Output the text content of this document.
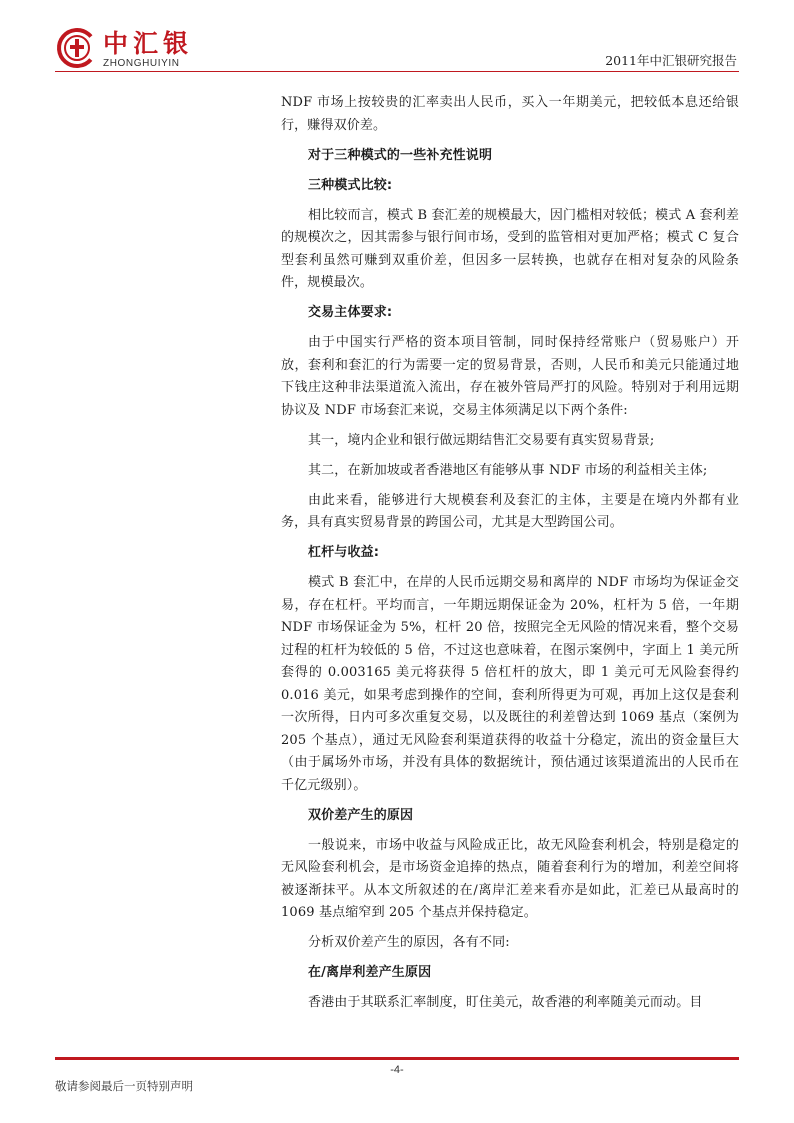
中汇银
ZHONGHUIYIN	2011年中汇银研究报告

NDF 市场上按较贵的汇率卖出人民币，买入一年期美元，把较低本息还给银行，赚得双价差。

对于三种模式的一些补充性说明
三种模式比较:

相比较而言，模式 B 套汇差的规模最大，因门槛相对较低；模式 A 套利差的规模次之，因其需参与银行间市场，受到的监管相对更加严格；模式 C 复合型套利虽然可赚到双重价差，但因多一层转换，也就存在相对复杂的风险条件，规模最次。

交易主体要求:

由于中国实行严格的资本项目管制，同时保持经常账户（贸易账户）开放，套利和套汇的行为需要一定的贸易背景，否则，人民币和美元只能通过地下钱庄这种非法渠道流入流出，存在被外管局严打的风险。特别对于利用远期协议及 NDF 市场套汇来说，交易主体须满足以下两个条件:

其一，境内企业和银行做远期结售汇交易要有真实贸易背景;

其二，在新加坡或者香港地区有能够从事 NDF 市场的利益相关主体;

由此来看，能够进行大规模套利及套汇的主体，主要是在境内外都有业务，具有真实贸易背景的跨国公司，尤其是大型跨国公司。

杠杆与收益:

模式 B 套汇中，在岸的人民币远期交易和离岸的 NDF 市场均为保证金交易，存在杠杆。平均而言，一年期远期保证金为 20%，杠杆为 5 倍，一年期 NDF 市场保证金为 5%，杠杆 20 倍，按照完全无风险的情况来看，整个交易过程的杠杆为较低的 5 倍，不过这也意味着，在图示案例中，字面上 1 美元所套得的 0.003165 美元将获得 5 倍杠杆的放大，即 1 美元可无风险套得约 0.016 美元，如果考虑到操作的空间，套利所得更为可观，再加上这仅是套利一次所得，日内可多次重复交易，以及既往的利差曾达到 1069 基点（案例为 205 个基点），通过无风险套利渠道获得的收益十分稳定，流出的资金量巨大（由于属场外市场，并没有具体的数据统计，预估通过该渠道流出的人民币在千亿元级别）。

双价差产生的原因

一般说来，市场中收益与风险成正比，故无风险套利机会，特别是稳定的无风险套利机会，是市场资金追捧的热点，随着套利行为的增加，利差空间将被逐渐抹平。从本文所叙述的在/离岸汇差来看亦是如此，汇差已从最高时的 1069 基点缩窄到 205 个基点并保持稳定。

分析双价差产生的原因，各有不同:

在/离岸利差产生原因

香港由于其联系汇率制度，盯住美元，故香港的利率随美元而动。目

-4-
敬请参阅最后一页特别声明
